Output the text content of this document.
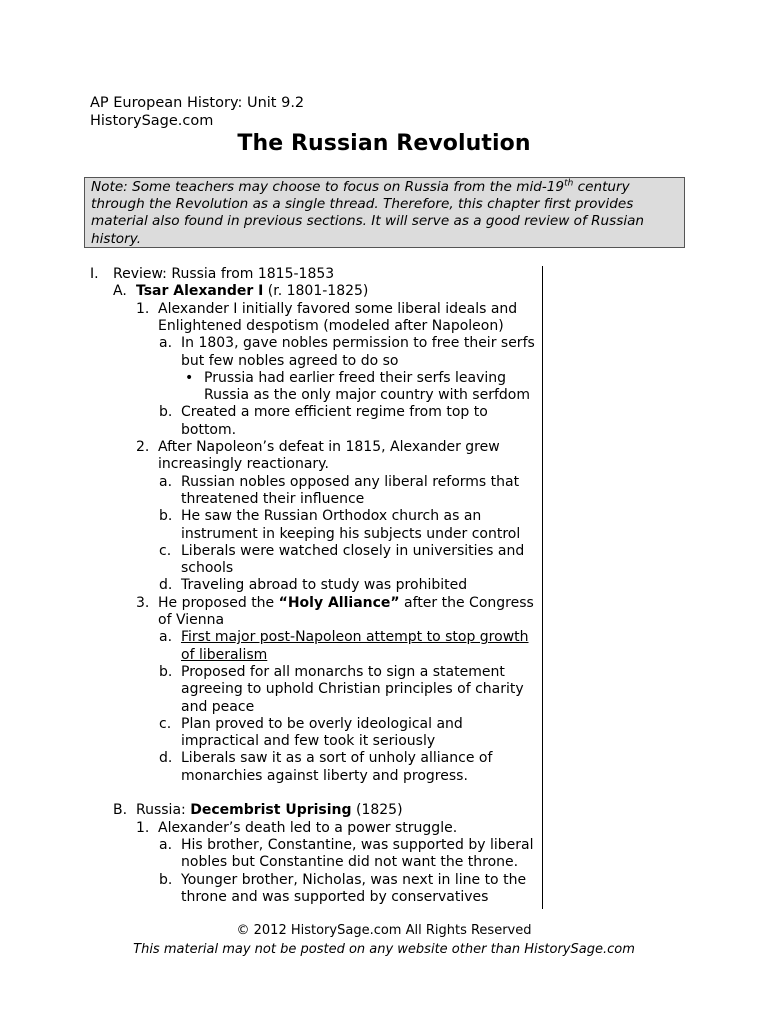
AP European History: Unit 9.2
HistorySage.com
The Russian Revolution
Note: Some teachers may choose to focus on Russia from the mid-19th century through the Revolution as a single thread. Therefore, this chapter first provides material also found in previous sections. It will serve as a good review of Russian history.
I. Review: Russia from 1815-1853
A. Tsar Alexander I (r. 1801-1825)
1. Alexander I initially favored some liberal ideals and
Enlightened despotism (modeled after Napoleon)
a. In 1803, gave nobles permission to free their serfs
but few nobles agreed to do so
• Prussia had earlier freed their serfs leaving
Russia as the only major country with serfdom
b. Created a more efficient regime from top to
bottom.
2. After Napoleon’s defeat in 1815, Alexander grew
increasingly reactionary.
a. Russian nobles opposed any liberal reforms that
threatened their influence
b. He saw the Russian Orthodox church as an
instrument in keeping his subjects under control
c. Liberals were watched closely in universities and
schools
d. Traveling abroad to study was prohibited
3. He proposed the “Holy Alliance” after the Congress
of Vienna
a. First major post-Napoleon attempt to stop growth
of liberalism
b. Proposed for all monarchs to sign a statement
agreeing to uphold Christian principles of charity
and peace
c. Plan proved to be overly ideological and
impractical and few took it seriously
d. Liberals saw it as a sort of unholy alliance of
monarchies against liberty and progress.
B. Russia: Decembrist Uprising (1825)
1. Alexander’s death led to a power struggle.
a. His brother, Constantine, was supported by liberal
nobles but Constantine did not want the throne.
b. Younger brother, Nicholas, was next in line to the
throne and was supported by conservatives
© 2012 HistorySage.com All Rights Reserved
This material may not be posted on any website other than HistorySage.com
